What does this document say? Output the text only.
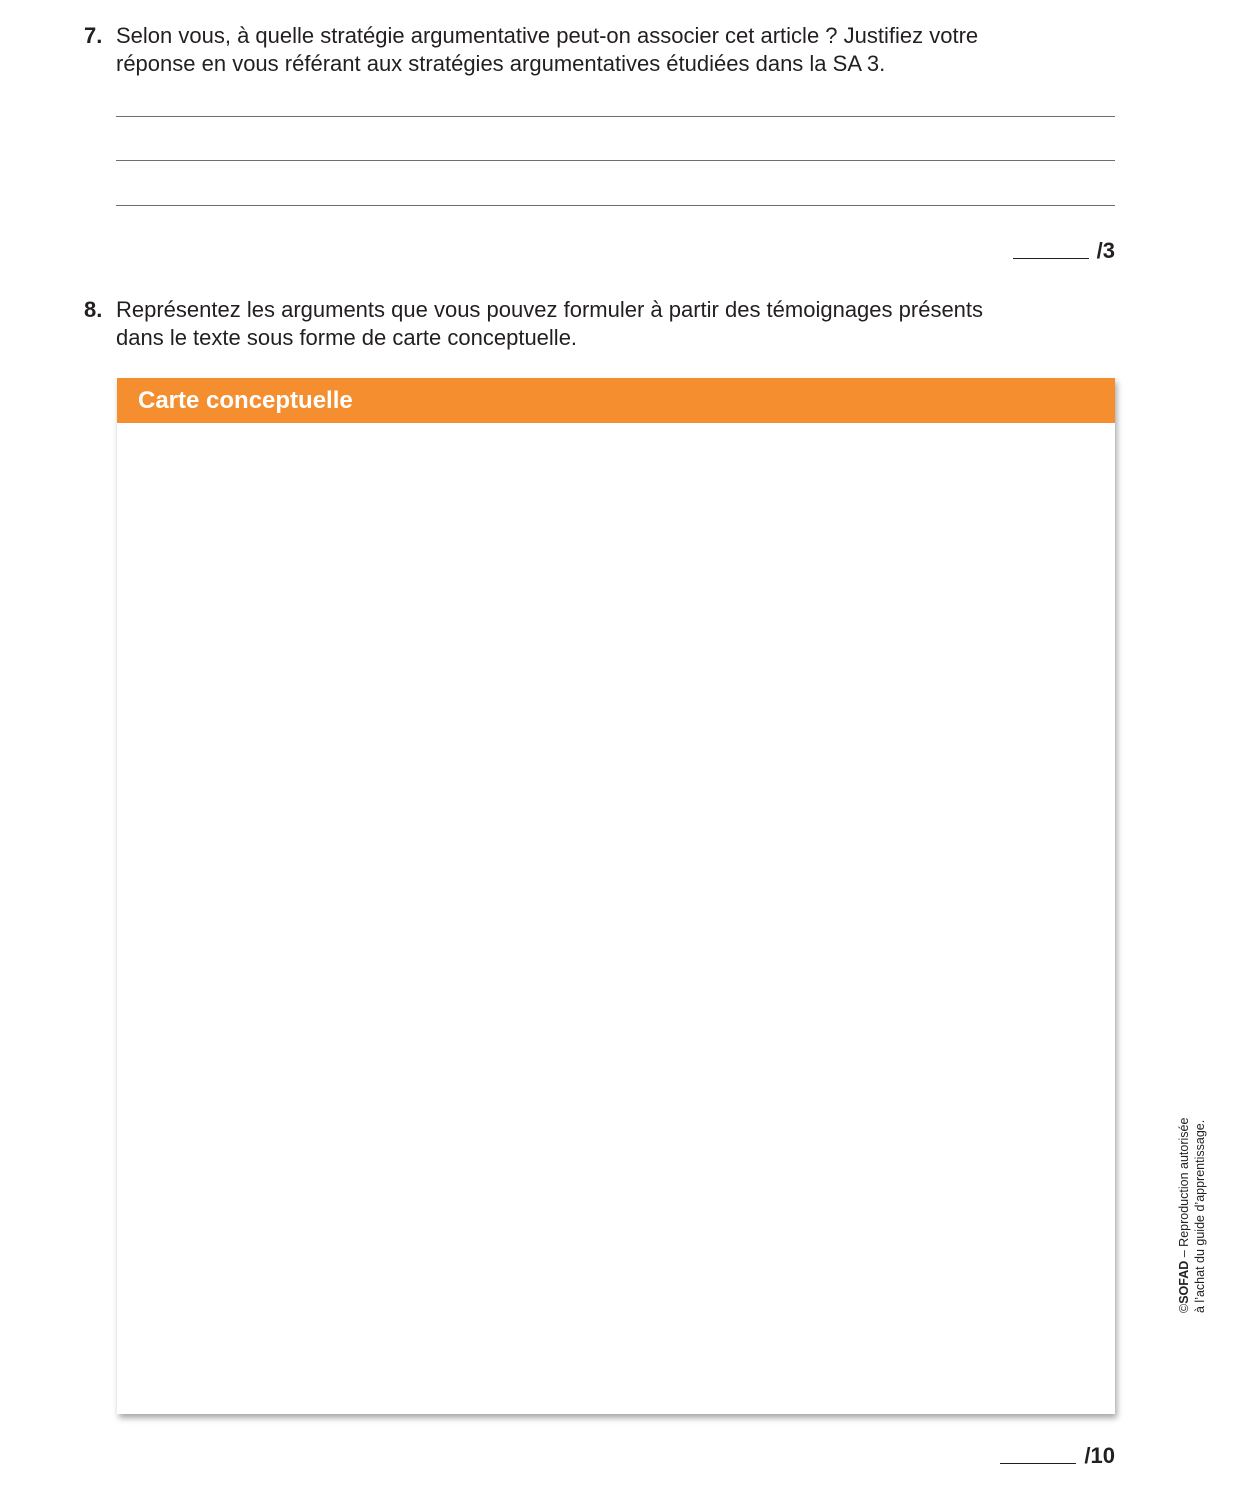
7. Selon vous, à quelle stratégie argumentative peut-on associer cet article ? Justifiez votre
réponse en vous référant aux stratégies argumentatives étudiées dans la SA 3.
/3
8. Représentez les arguments que vous pouvez formuler à partir des témoignages présents
dans le texte sous forme de carte conceptuelle.
Carte conceptuelle
/10
©SOFAD – Reproduction autorisée à l’achat du guide d’apprentissage.
